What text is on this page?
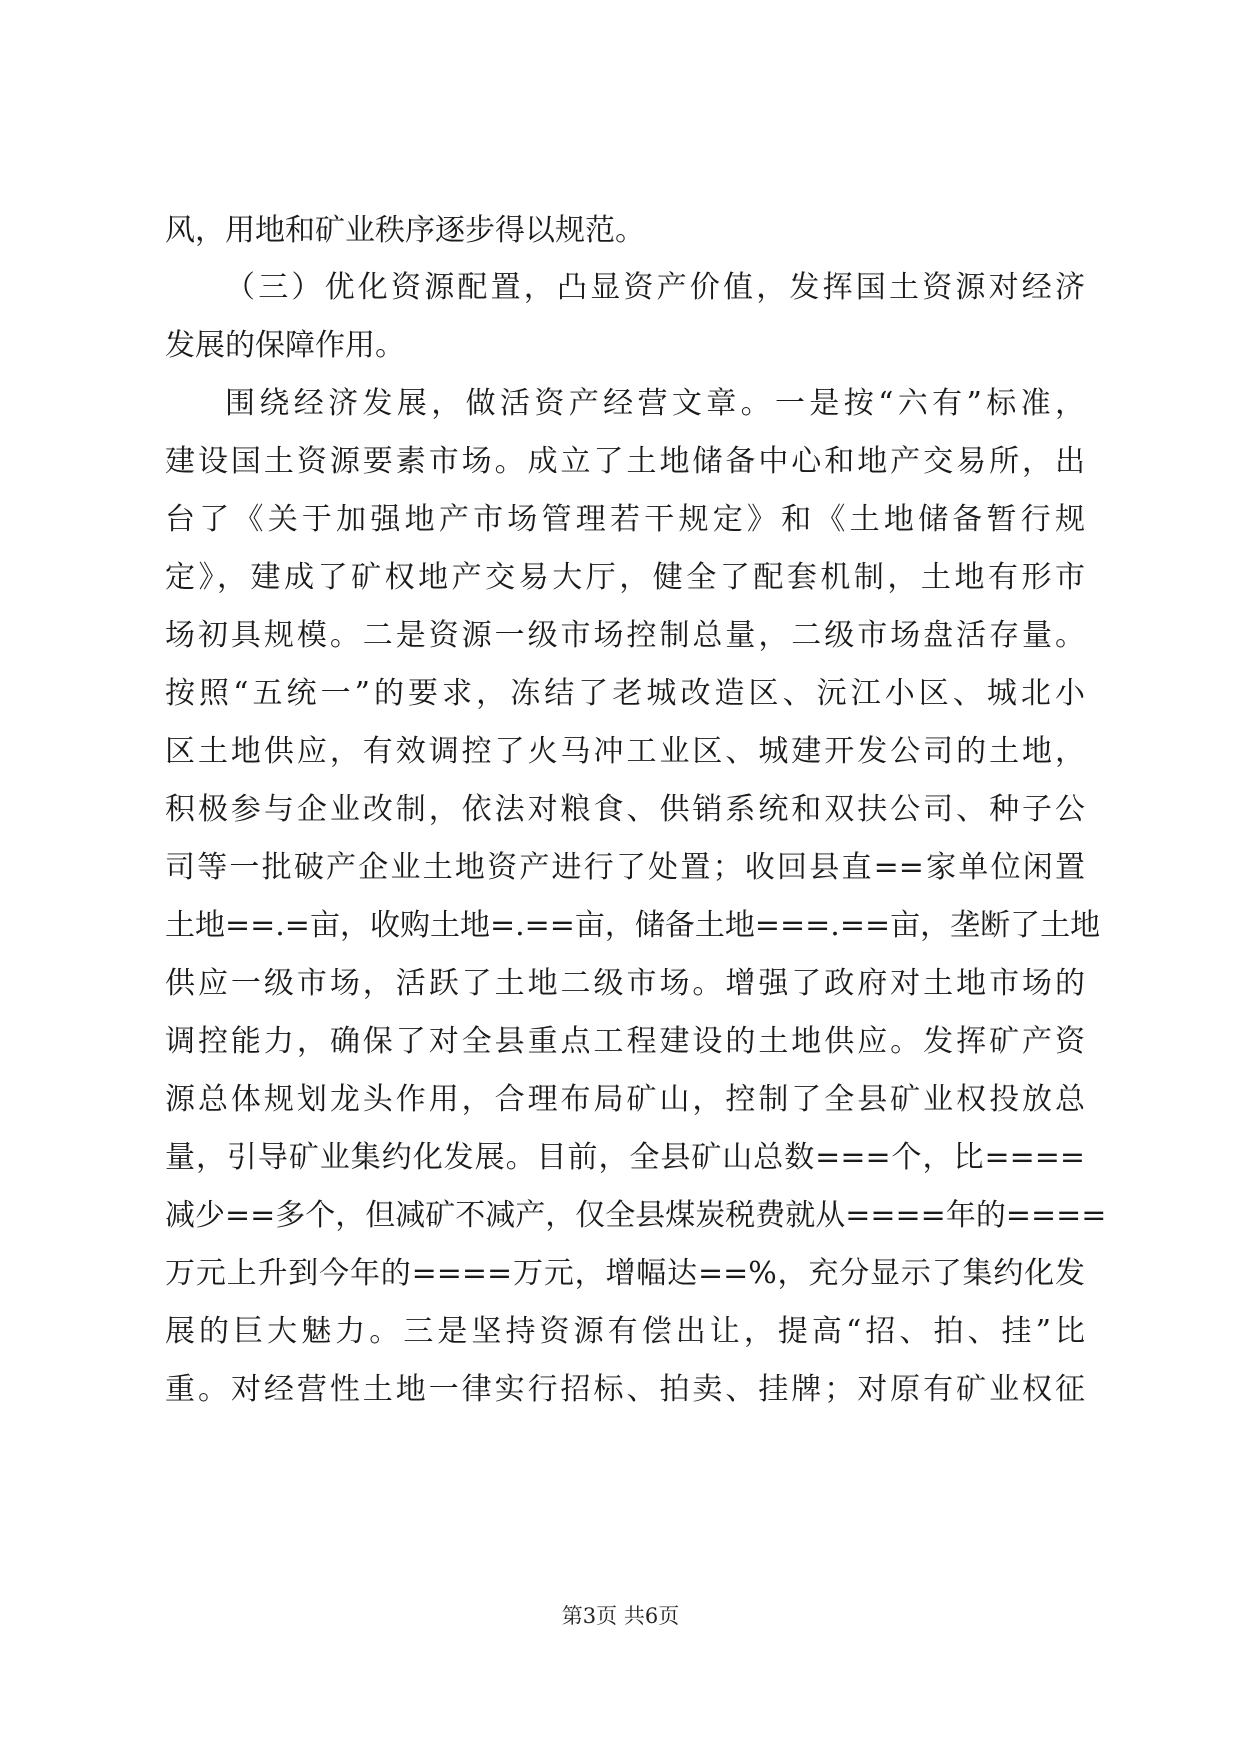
风，用地和矿业秩序逐步得以规范。
（三）优化资源配置，凸显资产价值，发挥国土资源对经济
发展的保障作用。
围绕经济发展，做活资产经营文章。一是按“六有”标准，
建设国土资源要素市场。成立了土地储备中心和地产交易所，出
台了《关于加强地产市场管理若干规定》和《土地储备暂行规
定》，建成了矿权地产交易大厅，健全了配套机制，土地有形市
场初具规模。二是资源一级市场控制总量，二级市场盘活存量。
按照“五统一”的要求，冻结了老城改造区、沅江小区、城北小
区土地供应，有效调控了火马冲工业区、城建开发公司的土地，
积极参与企业改制，依法对粮食、供销系统和双扶公司、种子公
司等一批破产企业土地资产进行了处置；收回县直==家单位闲置
土地==.=亩，收购土地=.==亩，储备土地===.==亩，垄断了土地
供应一级市场，活跃了土地二级市场。增强了政府对土地市场的
调控能力，确保了对全县重点工程建设的土地供应。发挥矿产资
源总体规划龙头作用，合理布局矿山，控制了全县矿业权投放总
量，引导矿业集约化发展。目前，全县矿山总数===个，比====
减少==多个，但减矿不减产，仅全县煤炭税费就从====年的====
万元上升到今年的====万元，增幅达==%，充分显示了集约化发
展的巨大魅力。三是坚持资源有偿出让，提高“招、拍、挂”比
重。对经营性土地一律实行招标、拍卖、挂牌；对原有矿业权征
第3页 共6页
